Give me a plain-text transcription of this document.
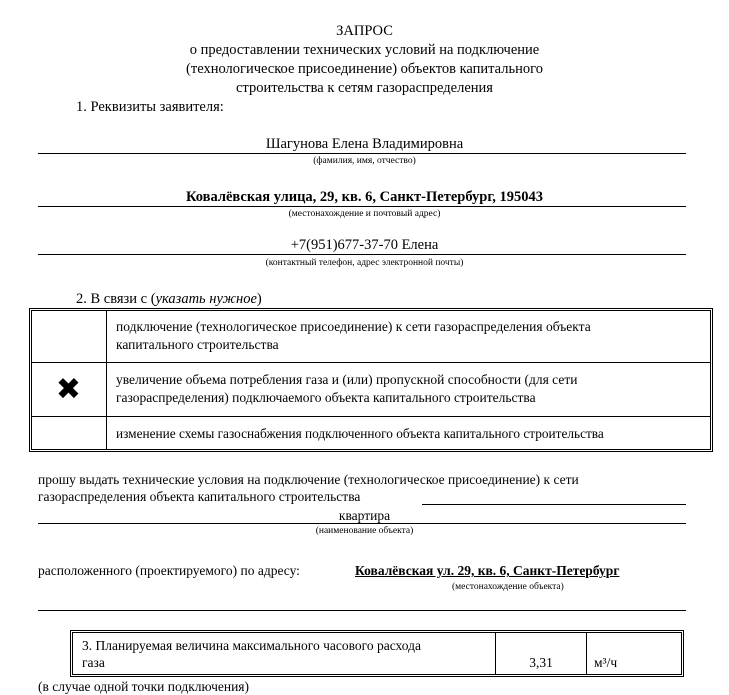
ЗАПРОС
о предоставлении технических условий на подключение
(технологическое присоединение) объектов капитального
строительства к сетям газораспределения
1. Реквизиты заявителя:
Шагунова Елена Владимировна
(фамилия, имя, отчество)
Ковалёвская улица, 29, кв. 6, Санкт-Петербург, 195043
(местонахождение и почтовый адрес)
+7(951)677-37-70 Елена
(контактный телефон, адрес электронной почты)
2. В связи с (указать нужное)
подключение (технологическое присоединение) к сети газораспределения объекта
капитального строительства
✖	увеличение объема потребления газа и (или) пропускной способности (для сети
газораспределения) подключаемого объекта капитального строительства
изменение схемы газоснабжения подключенного объекта капитального строительства
прошу выдать технические условия на подключение (технологическое присоединение) к сети
газораспределения объекта капитального строительства
квартира
(наименование объекта)
расположенного (проектируемого) по адресу:	Ковалёвская ул. 29, кв. 6, Санкт-Петербург
(местонахождение объекта)
3. Планируемая величина максимального часового расхода
газа	3,31	м³/ч
(в случае одной точки подключения)
